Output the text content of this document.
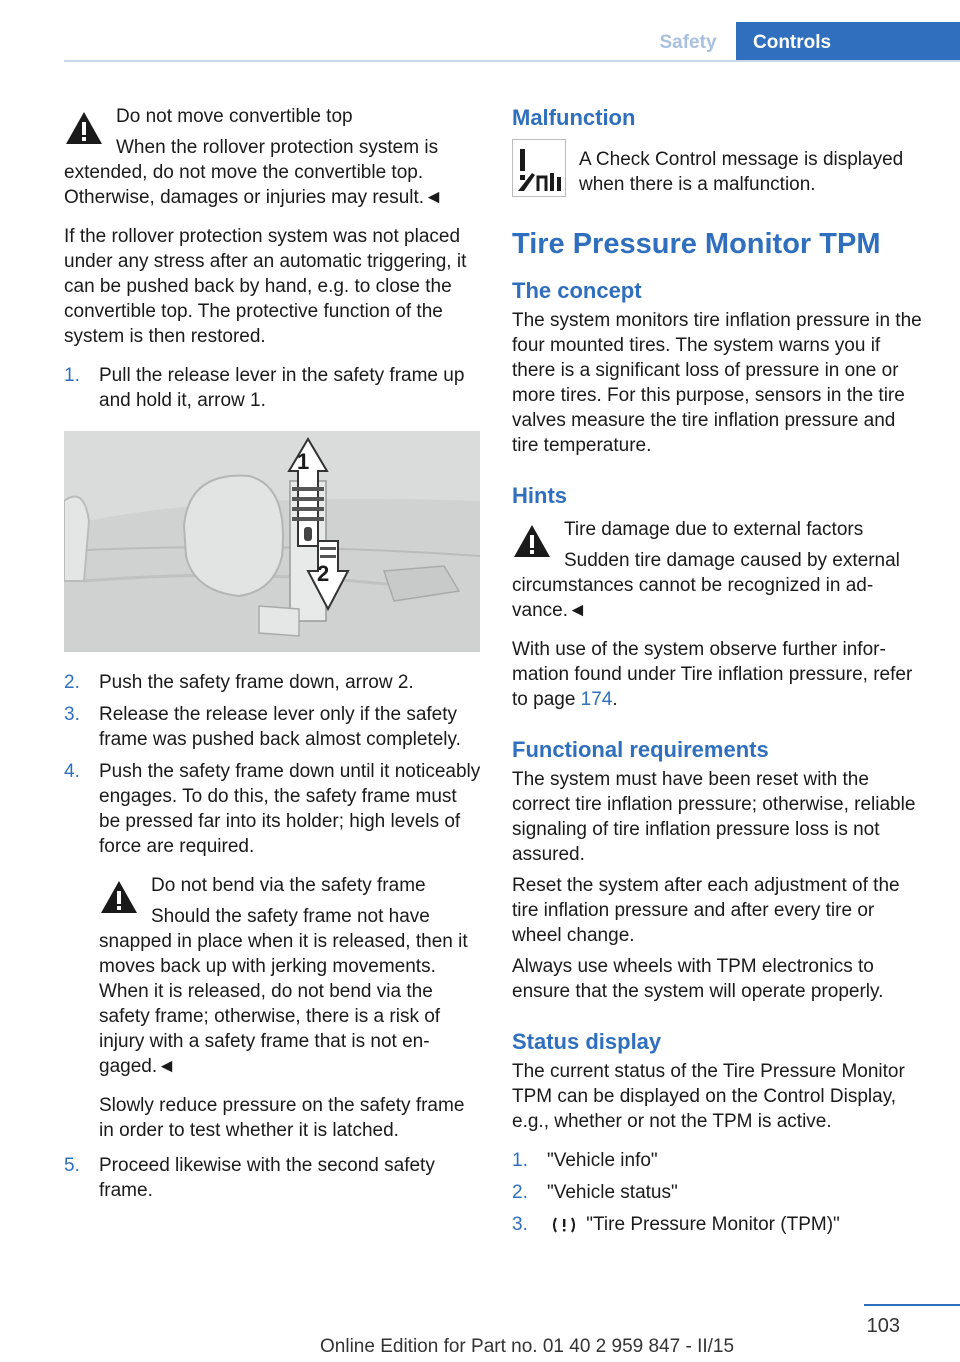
Safety	Controls
Do not move convertible top
When the rollover protection system is extended, do not move the convertible top. Otherwise, damages or injuries may result.◄

If the rollover protection system was not placed under any stress after an automatic triggering, it can be pushed back by hand, e.g. to close the convertible top. The protective function of the system is then restored.

1. Pull the release lever in the safety frame up and hold it, arrow 1.
1
2
2. Push the safety frame down, arrow 2.
3. Release the release lever only if the safety frame was pushed back almost completely.
4. Push the safety frame down until it noticeably engages. To do this, the safety frame must be pressed far into its holder; high levels of force are required.
Do not bend via the safety frame
Should the safety frame not have snapped in place when it is released, then it moves back up with jerking movements. When it is released, do not bend via the safety frame; otherwise, there is a risk of injury with a safety frame that is not engaged.◄
Slowly reduce pressure on the safety frame in order to test whether it is latched.
5. Proceed likewise with the second safety frame.
Malfunction
A Check Control message is displayed when there is a malfunction.
Tire Pressure Monitor TPM
The concept

The system monitors tire inflation pressure in the four mounted tires. The system warns you if there is a significant loss of pressure in one or more tires. For this purpose, sensors in the tire valves measure the tire inflation pressure and tire temperature.

Hints
Tire damage due to external factors
Sudden tire damage caused by external circumstances cannot be recognized in advance.◄

With use of the system observe further information found under Tire inflation pressure, refer to page 174.

Functional requirements

The system must have been reset with the correct tire inflation pressure; otherwise, reliable signaling of tire inflation pressure loss is not assured.

Reset the system after each adjustment of the tire inflation pressure and after every tire or wheel change.

Always use wheels with TPM electronics to ensure that the system will operate properly.

Status display

The current status of the Tire Pressure Monitor TPM can be displayed on the Control Display, e.g., whether or not the TPM is active.

1. "Vehicle info"
2. "Vehicle status"
3.	"Tire Pressure Monitor (TPM)"
103
Online Edition for Part no. 01 40 2 959 847 - II/15
